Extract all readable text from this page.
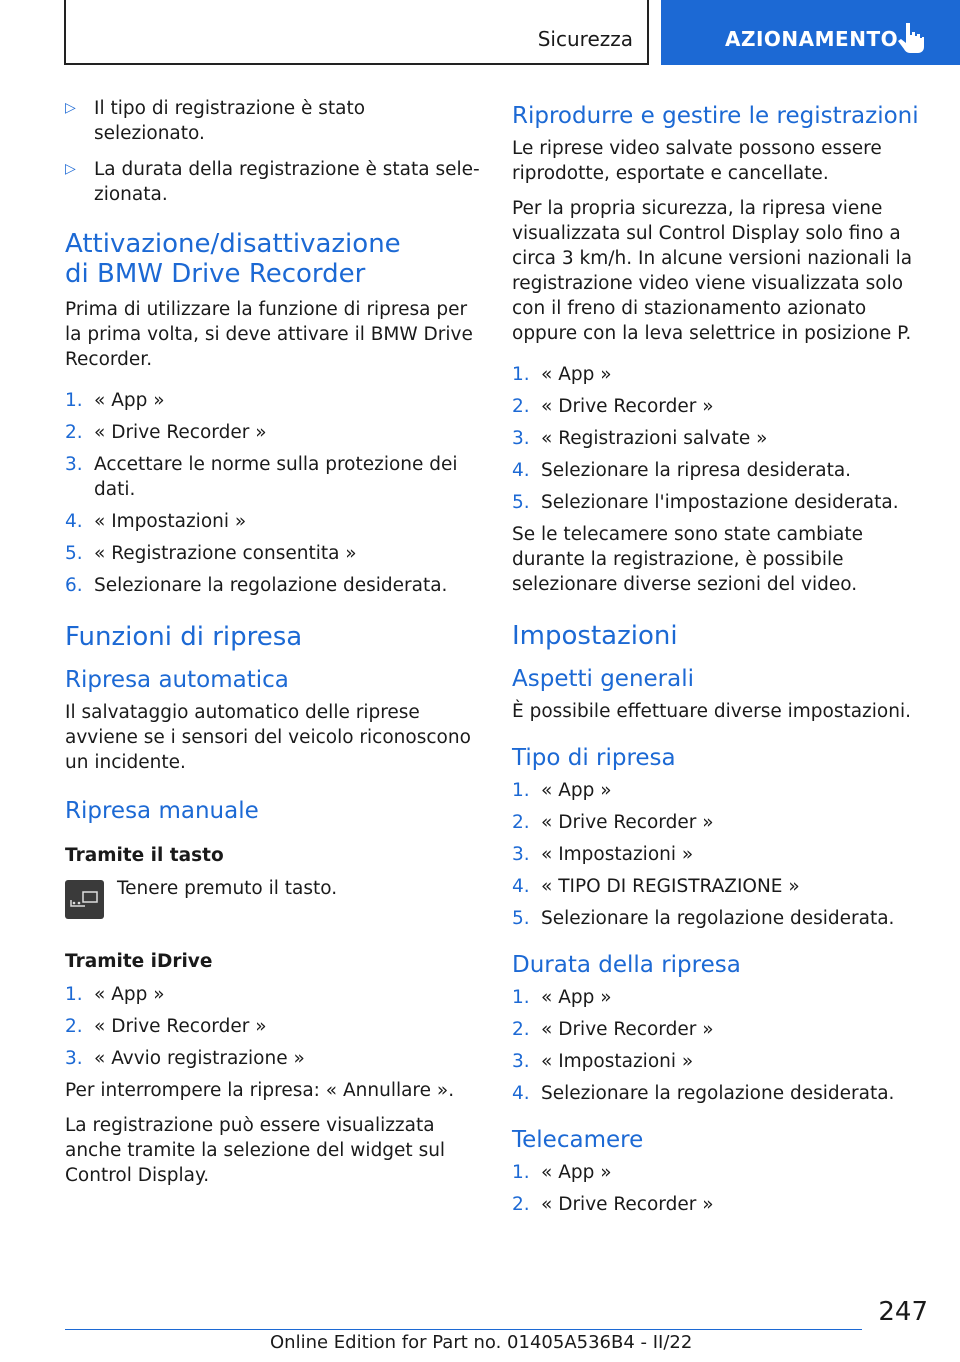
Sicurezza	AZIONAMENTO
▷ Il tipo di registrazione è stato selezionato.
▷ La durata della registrazione è stata selezionata.
Attivazione/disattivazione di BMW Drive Recorder
Prima di utilizzare la funzione di ripresa per la prima volta, si deve attivare il BMW Drive Recorder.
1. « App »
2. « Drive Recorder »
3. Accettare le norme sulla protezione dei dati.
4. « Impostazioni »
5. « Registrazione consentita »
6. Selezionare la regolazione desiderata.
Funzioni di ripresa
Ripresa automatica
Il salvataggio automatico delle riprese avviene se i sensori del veicolo riconoscono un incidente.
Ripresa manuale
Tramite il tasto
Tenere premuto il tasto.
Tramite iDrive
1. « App »
2. « Drive Recorder »
3. « Avvio registrazione »
Per interrompere la ripresa: « Annullare ».
La registrazione può essere visualizzata anche tramite la selezione del widget sul Control Display.
Riprodurre e gestire le registrazioni
Le riprese video salvate possono essere riprodotte, esportate e cancellate.
Per la propria sicurezza, la ripresa viene visualizzata sul Control Display solo fino a circa 3 km/h. In alcune versioni nazionali la registrazione video viene visualizzata solo con il freno di stazionamento azionato oppure con la leva selettrice in posizione P.
1. « App »
2. « Drive Recorder »
3. « Registrazioni salvate »
4. Selezionare la ripresa desiderata.
5. Selezionare l'impostazione desiderata.
Se le telecamere sono state cambiate durante la registrazione, è possibile selezionare diverse sezioni del video.
Impostazioni
Aspetti generali
È possibile effettuare diverse impostazioni.
Tipo di ripresa
1. « App »
2. « Drive Recorder »
3. « Impostazioni »
4. « TIPO DI REGISTRAZIONE »
5. Selezionare la regolazione desiderata.
Durata della ripresa
1. « App »
2. « Drive Recorder »
3. « Impostazioni »
4. Selezionare la regolazione desiderata.
Telecamere
1. « App »
2. « Drive Recorder »
247
Online Edition for Part no. 01405A536B4 - II/22
